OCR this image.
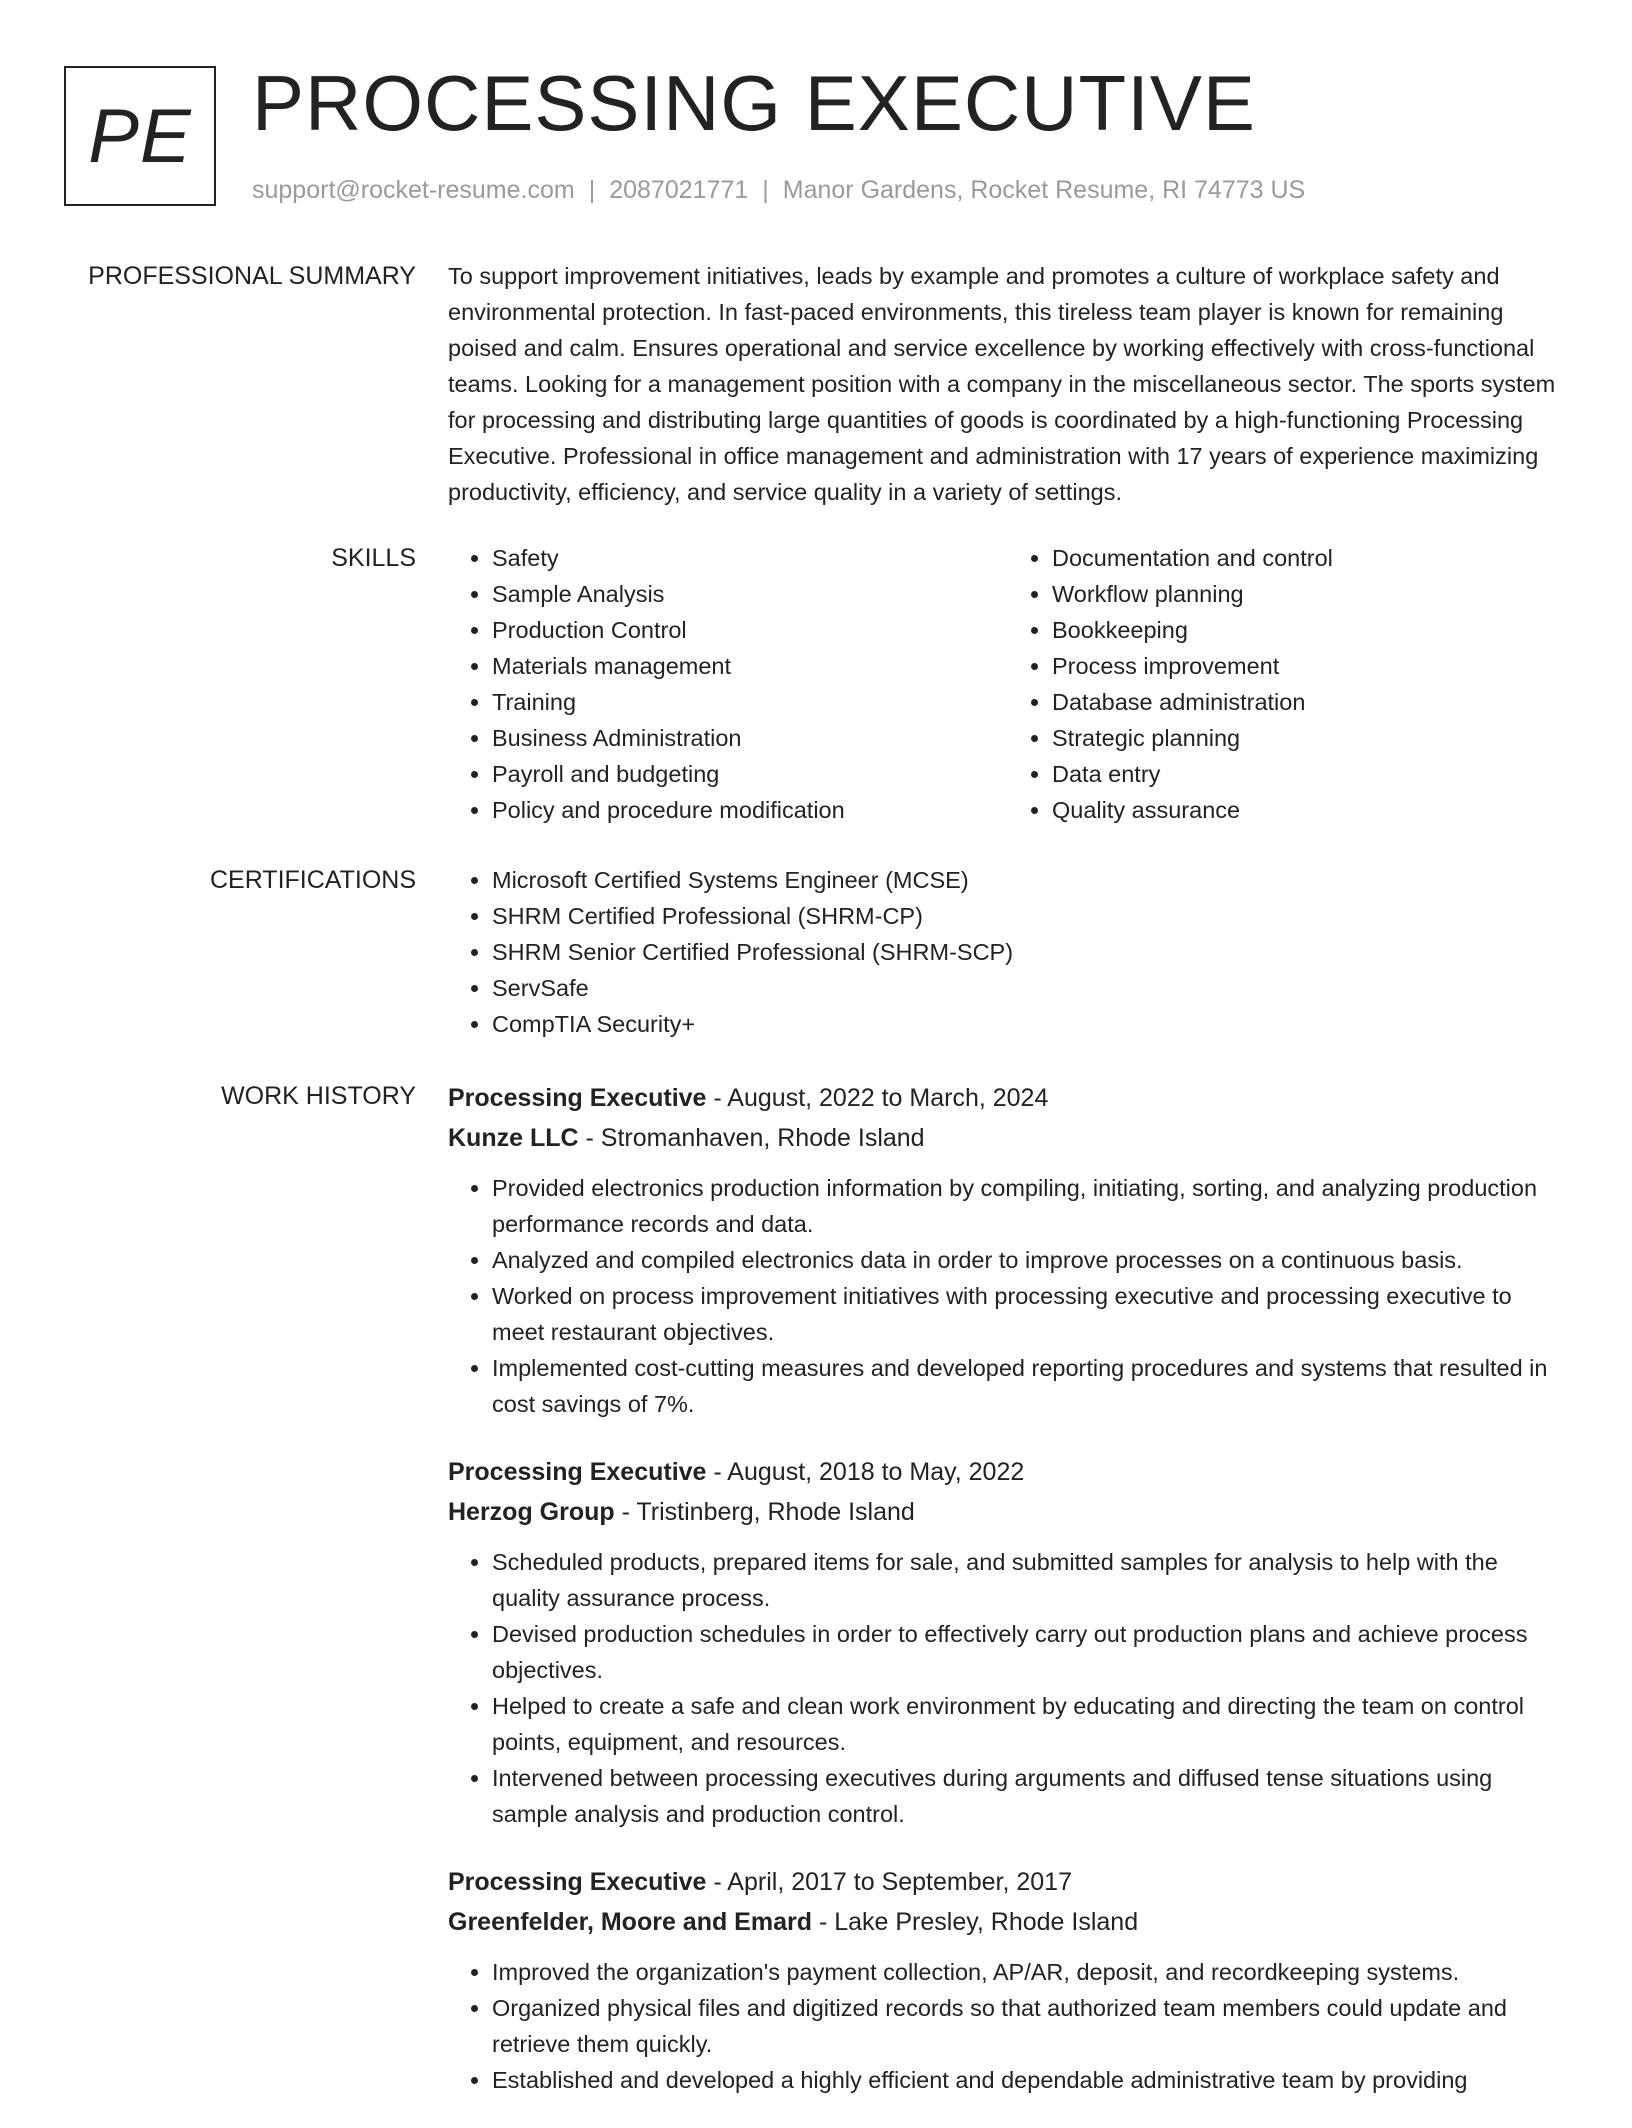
PE PROCESSING EXECUTIVE
support@rocket-resume.com | 2087021771 | Manor Gardens, Rocket Resume, RI 74773 US
PROFESSIONAL SUMMARY To support improvement initiatives, leads by example and promotes a culture of workplace safety and environmental protection. In fast-paced environments, this tireless team player is known for remaining poised and calm. Ensures operational and service excellence by working effectively with cross-functional teams. Looking for a management position with a company in the miscellaneous sector. The sports system for processing and distributing large quantities of goods is coordinated by a high-functioning Processing Executive. Professional in office management and administration with 17 years of experience maximizing productivity, efficiency, and service quality in a variety of settings.

SKILLS	• Safety
• Sample Analysis
• Production Control
• Materials management
• Training
• Business Administration
• Payroll and budgeting
• Policy and procedure modification
• Documentation and control
• Workflow planning
• Bookkeeping
• Process improvement
• Database administration
• Strategic planning
• Data entry
• Quality assurance
CERTIFICATIONS	• Microsoft Certified Systems Engineer (MCSE)
• SHRM Certified Professional (SHRM-CP)
• SHRM Senior Certified Professional (SHRM-SCP)
• ServSafe
• CompTIA Security+
WORK HISTORY Processing Executive - August, 2022 to March, 2024
Kunze LLC - Stromanhaven, Rhode Island
• Provided electronics production information by compiling, initiating, sorting, and analyzing production performance records and data.
• Analyzed and compiled electronics data in order to improve processes on a continuous basis.
• Worked on process improvement initiatives with processing executive and processing executive to meet restaurant objectives.
• Implemented cost-cutting measures and developed reporting procedures and systems that resulted in cost savings of 7%.
Processing Executive - August, 2018 to May, 2022
Herzog Group - Tristinberg, Rhode Island
• Scheduled products, prepared items for sale, and submitted samples for analysis to help with the quality assurance process.
• Devised production schedules in order to effectively carry out production plans and achieve process objectives.
• Helped to create a safe and clean work environment by educating and directing the team on control points, equipment, and resources.
• Intervened between processing executives during arguments and diffused tense situations using sample analysis and production control.
Processing Executive - April, 2017 to September, 2017
Greenfelder, Moore and Emard - Lake Presley, Rhode Island
• Improved the organization's payment collection, AP/AR, deposit, and recordkeeping systems.
• Organized physical files and digitized records so that authorized team members could update and retrieve them quickly.
• Established and developed a highly efficient and dependable administrative team by providing
